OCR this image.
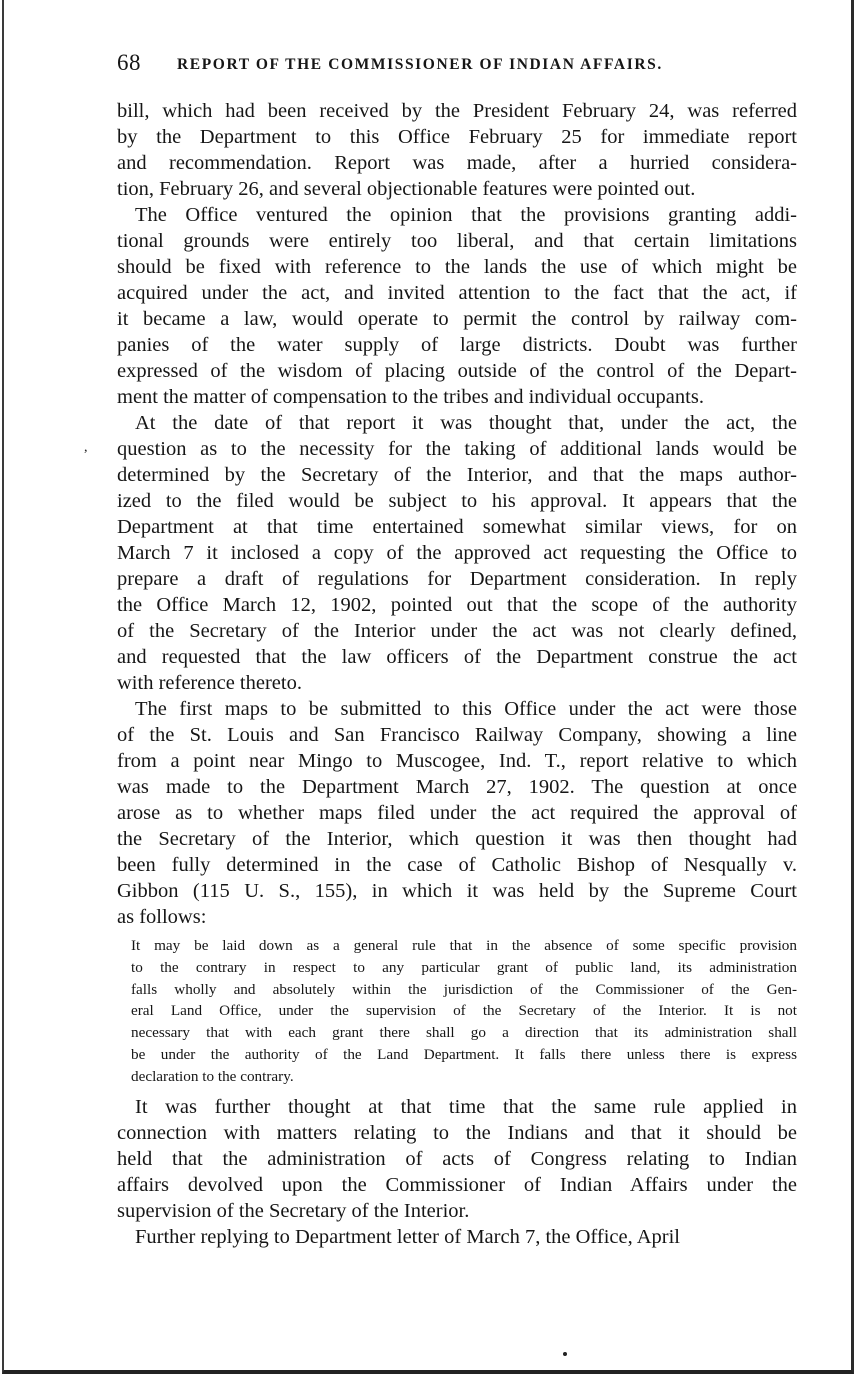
68 REPORT OF THE COMMISSIONER OF INDIAN AFFAIRS.
,
bill, which had been received by the President February 24, was referred
by the Department to this Office February 25 for immediate report
and recommendation. Report was made, after a hurried considera-
tion, February 26, and several objectionable features were pointed out.
The Office ventured the opinion that the provisions granting addi-
tional grounds were entirely too liberal, and that certain limitations
should be fixed with reference to the lands the use of which might be
acquired under the act, and invited attention to the fact that the act, if
it became a law, would operate to permit the control by railway com-
panies of the water supply of large districts. Doubt was further
expressed of the wisdom of placing outside of the control of the Depart-
ment the matter of compensation to the tribes and individual occupants.
At the date of that report it was thought that, under the act, the
question as to the necessity for the taking of additional lands would be
determined by the Secretary of the Interior, and that the maps author-
ized to the filed would be subject to his approval. It appears that the
Department at that time entertained somewhat similar views, for on
March 7 it inclosed a copy of the approved act requesting the Office to
prepare a draft of regulations for Department consideration. In reply
the Office March 12, 1902, pointed out that the scope of the authority
of the Secretary of the Interior under the act was not clearly defined,
and requested that the law officers of the Department construe the act
with reference thereto.
The first maps to be submitted to this Office under the act were those
of the St. Louis and San Francisco Railway Company, showing a line
from a point near Mingo to Muscogee, Ind. T., report relative to which
was made to the Department March 27, 1902. The question at once
arose as to whether maps filed under the act required the approval of
the Secretary of the Interior, which question it was then thought had
been fully determined in the case of Catholic Bishop of Nesqually v.
Gibbon (115 U. S., 155), in which it was held by the Supreme Court
as follows:
It may be laid down as a general rule that in the absence of some specific provision
to the contrary in respect to any particular grant of public land, its administration
falls wholly and absolutely within the jurisdiction of the Commissioner of the Gen-
eral Land Office, under the supervision of the Secretary of the Interior. It is not
necessary that with each grant there shall go a direction that its administration shall
be under the authority of the Land Department. It falls there unless there is express
declaration to the contrary.
It was further thought at that time that the same rule applied in
connection with matters relating to the Indians and that it should be
held that the administration of acts of Congress relating to Indian
affairs devolved upon the Commissioner of Indian Affairs under the
supervision of the Secretary of the Interior.
Further replying to Department letter of March 7, the Office, April
